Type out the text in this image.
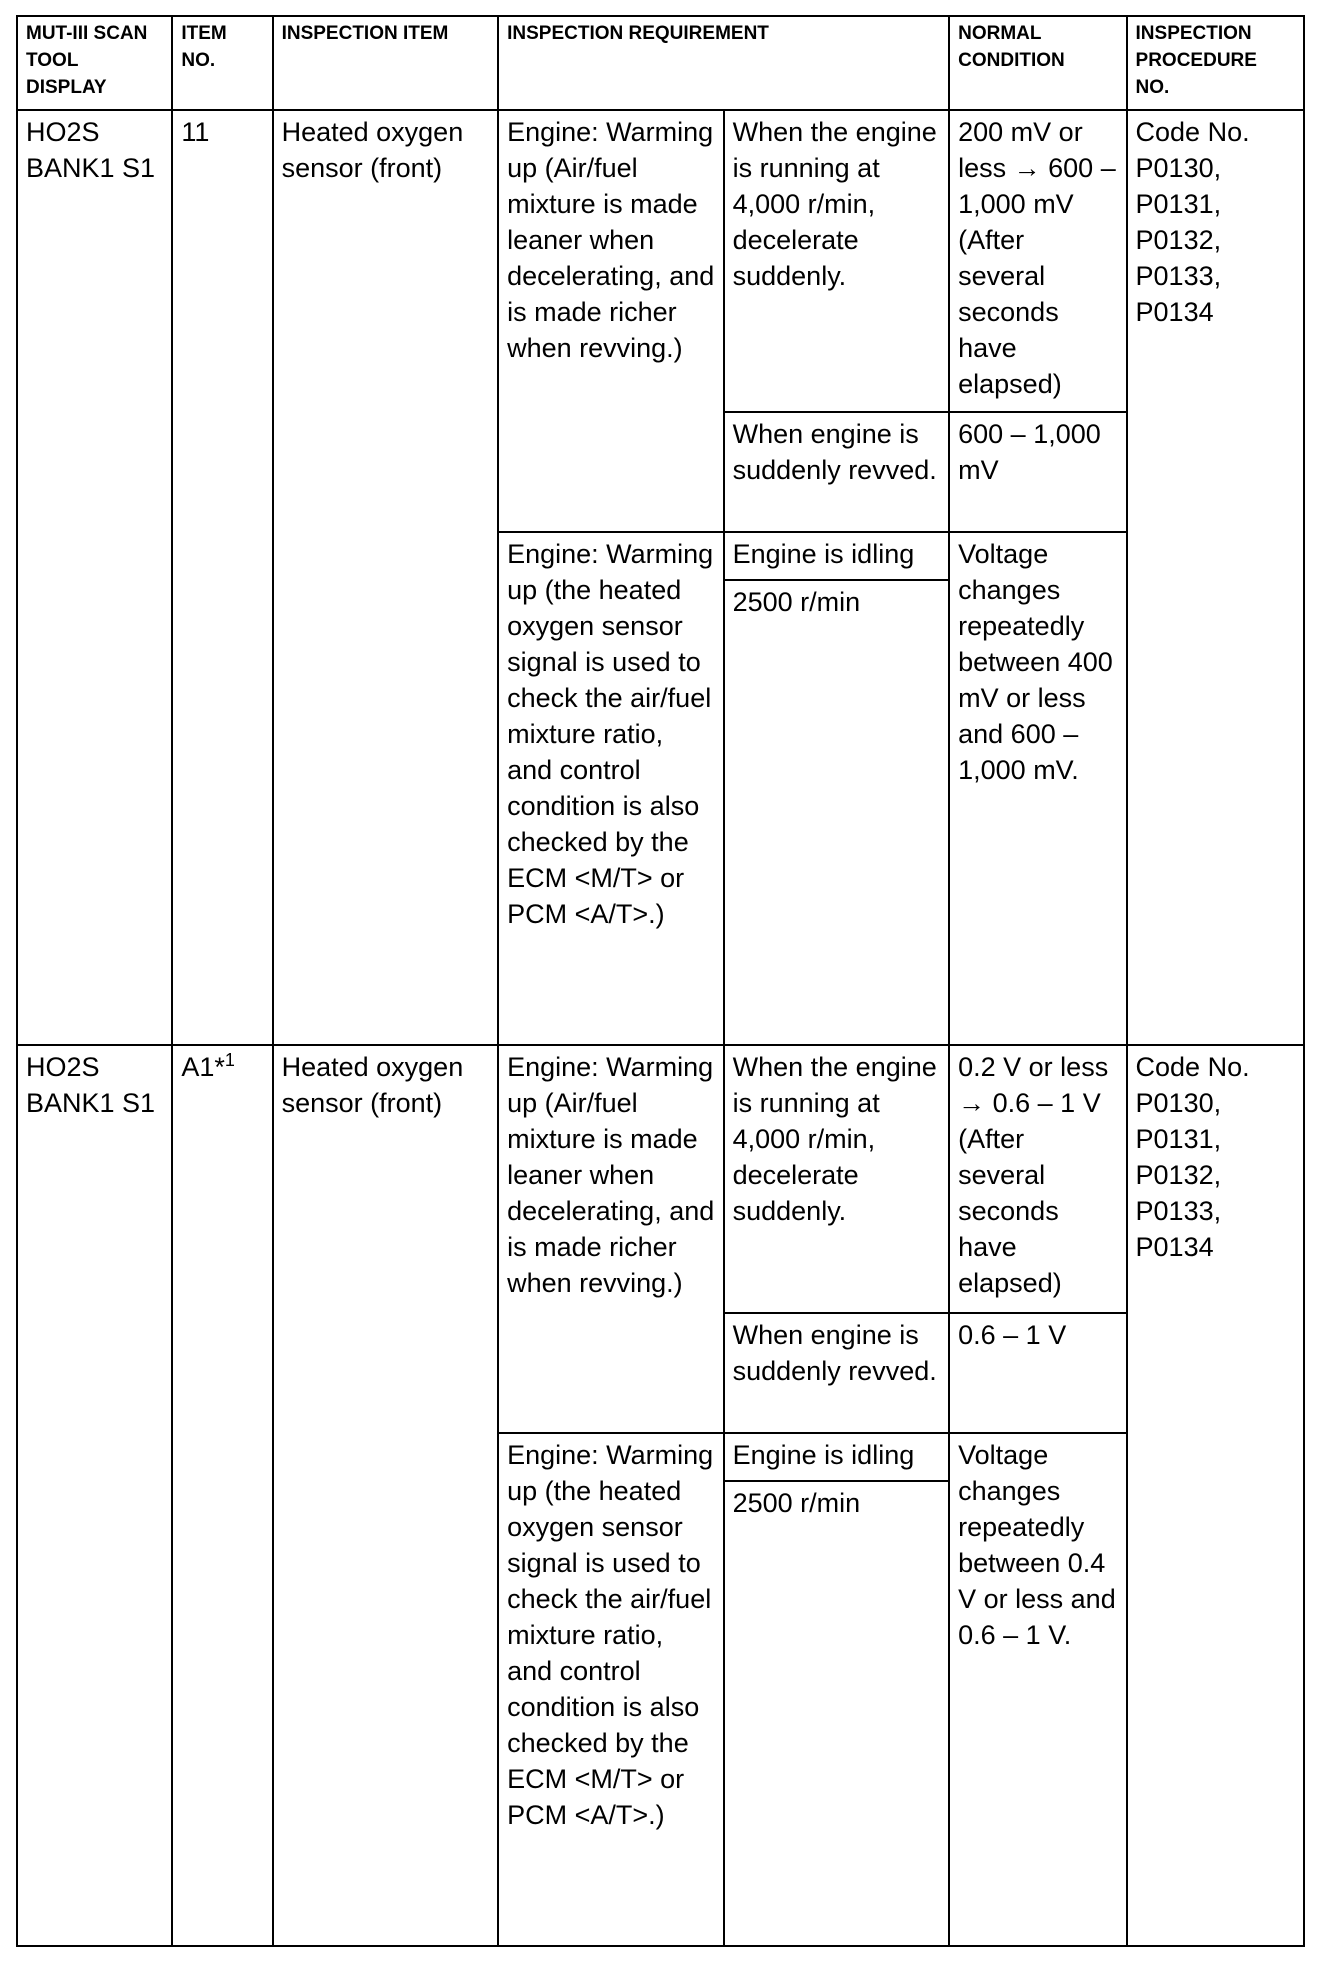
MUT-III SCAN TOOL DISPLAY	ITEM NO.	INSPECTION ITEM	INSPECTION REQUIREMENT		NORMAL CONDITION	INSPECTION PROCEDURE NO.
HO2S BANK1 S1	11	Heated oxygen sensor (front)	Engine: Warming up (Air/fuel mixture is made leaner when decelerating, and is made richer when revving.)	When the engine is running at 4,000 r/min, decelerate suddenly.	200 mV or less → 600 – 1,000 mV (After several seconds have elapsed)	Code No. P0130, P0131, P0132, P0133, P0134
				When engine is suddenly revved.	600 – 1,000 mV	
			Engine: Warming up (the heated oxygen sensor signal is used to check the air/fuel mixture ratio, and control condition is also checked by the ECM <M/T> or PCM <A/T>.)	Engine is idling	Voltage changes repeatedly between 400 mV or less and 600 – 1,000 mV.	
				2500 r/min		
HO2S BANK1 S1	A1*$^1$	Heated oxygen sensor (front)	Engine: Warming up (Air/fuel mixture is made leaner when decelerating, and is made richer when revving.)	When the engine is running at 4,000 r/min, decelerate suddenly.	0.2 V or less → 0.6 – 1 V (After several seconds have elapsed)	Code No. P0130, P0131, P0132, P0133, P0134
				When engine is suddenly revved.	0.6 – 1 V	
			Engine: Warming up (the heated oxygen sensor signal is used to check the air/fuel mixture ratio, and control condition is also checked by the ECM <M/T> or PCM <A/T>.)	Engine is idling	Voltage changes repeatedly between 0.4 V or less and 0.6 – 1 V.	
				2500 r/min		
